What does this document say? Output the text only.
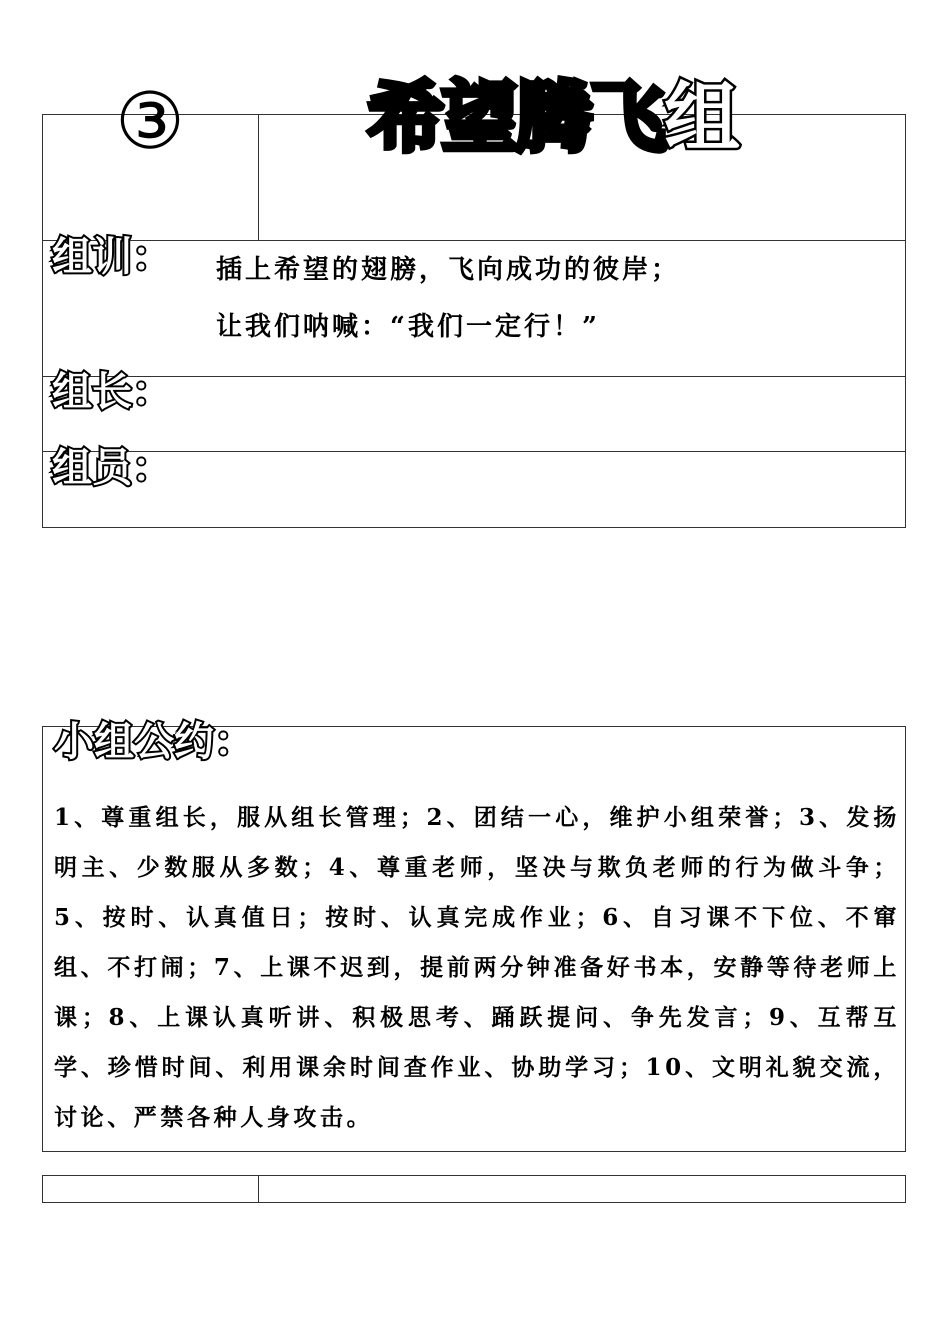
③ 希望腾飞组
组训： 插上希望的翅膀，飞向成功的彼岸；
让我们呐喊：“我们一定行！”
组长：
组员：
小组公约：
1、尊重组长，服从组长管理；2、团结一心，维护小组荣誉；3、发扬明主、少数服从多数；4、尊重老师，坚决与欺负老师的行为做斗争；5、按时、认真值日；按时、认真完成作业；6、自习课不下位、不窜组、不打闹；7、上课不迟到，提前两分钟准备好书本，安静等待老师上课；8、上课认真听讲、积极思考、踊跃提问、争先发言；9、互帮互学、珍惜时间、利用课余时间查作业、协助学习；10、文明礼貌交流，讨论、严禁各种人身攻击。
